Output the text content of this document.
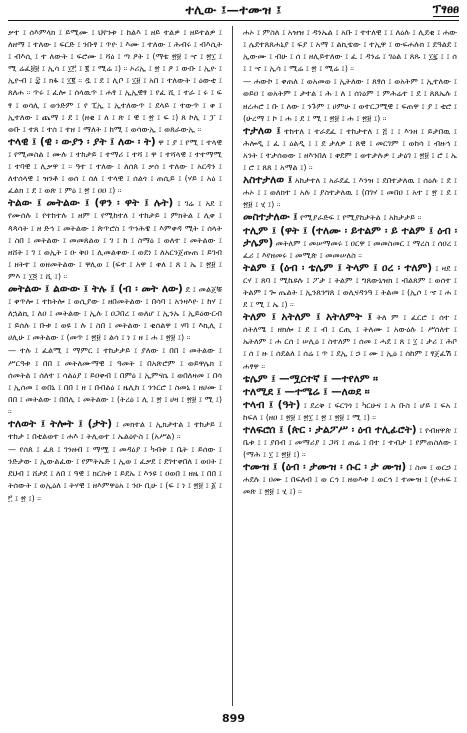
ተሊው ፤—ተሙዝ ፤	ፕፃፀፀ

ቃተ ፤ ሰእምላክ ፤ ይሚሙ ፤ ህየንቱ ፤ ከልእ ፤ ዘይ ተልዎ ፤ ዘይተልዎ ፤ ለዘማ ፤ ተለው ፤ ፍርድ ፤ ንቡፃ ፤ ጥዮ ፤ እሙ ፤ ተለው ፤ ሕብሩ ፤ ብእሲት ፤ ብእሲ ፤ ተ ለውት ፤ ፍሮሙ ፤ ሻዕ ፤ ጣ ዖት ፤ (ማቴ ፳፱ ፤ ኆ ፤ ፳፲ ፤ ሚ ሬፈ፱፱ ፤ ኢሳ ፤ ፲፫ ፤ ፪ ፤ ሚሬ ፤) ። ኦሪኢ ፤ ፳ ፤ ዖ ፤ ውቡ ፤ ኢዮ ፤ ኢዮብ ፤ ፰ ፤ ክፋ ፤ ፲፪ ። ዷ ፤ ደ ፤ ሊቦ ፤ ፲፱ ፤ አበ ፤ ተለውት ፤ ዕውቲ ፤ ጸለሐ ። ጥሩ ፤ ፈሎ ፤ ሰላዉጥ ፤ ሐፃ ፤ ኢኢዊፃ ፤ የፈ ሺ ፤ ተራ ፤ ሩ ፤ ፍ ፃ ፤ ወሳሊ ፤ ወንድም ፤ የ ፒኢ ፤ ኢተለውጥ ፤ ደላይ ፤ ተውጥ ፤ ቀ ፤ ኢተለው ፤ ጨማ ፤ ደ ፤ (ዘቂ ፤ ለ ፤ ጽ ፤ ዊ ፤ ፳ ፤ ፍ ፤) ጸ ኮሊ ፤ ፓ ፤ ወቡ ፤ ተጸ ፤ ተሰ ፤ ተዘ ፤ ማለት ፤ ከሚ ፤ ወሳውኢ ፤ ወጸራውኢ ።

ተላዊ ፤ (ዊ ፡ ውያን ፡ ያት ፤ ለው ፡ ት) ዋ ፤ ያ ፤ የሚ ፤ ተላዊ ፤ የሚመስል ፤ ሙሉ ፤ ተከታይ ፤ ተማሪ ፤ ተሻ ፤ ዋ ፤ ተሻላዊ ፤ ተተማሚ ፤ ተባዊ ፤ ሊቃዋ ፤ ። ዓተ ፤ ተለው ፤ ለሰጰ ፤ ቃሰ ፤ ተለው ፤ አርዳን ፤ ለተሰላዊ ፤ ዝንቶ ፤ ወሰ ፤ ሰለ ፤ ተላዊ ፤ ሰልጎ ፤ ጠሲይ ፤ (ሃይ ፤ አዕ ፤ ፈልክ ፤ ደ ፤ ወጽ ፤ ምዕ ፤ ፳ ፤ ዐዐ ፤) ።

ትልው ፤ መትልው ፤ (ዋን ፡ ዋት ፤ ሉት) ፤ ገሬ ፤ አደ ፤ የሙሰሉ ፤ የተከተሉ ፤ ዘም ፤ የሚከተለ ፤ ተከታይ ፤ ምክትል ፤ ሊቀ ፤ ጳጳሳት ፤ ዘ ድኅ ፤ መትልው ፤ ጵጥሮስ ፤ ጥንሕዌ ፤ እምቀዳ ሚት ፤ ሰላት ፤ ስበ ፤ መትልው ፤ መመጸልወ ፤ ገ ፤ ከ ፤ ስማዕ ፤ ወለተ ፤ መትልው ፤ ዘሸት ፤ ገ ፤ ወኢት ፤ ዑ ቅዐ ፤ ሊመልቀው ፤ ወደነ ፤ ለአርንጀጡጠ ፤ ይገብ ፤ ዘትተ ፤ ወዘመትልው ፤ ዋሊወ ፤ (ፍተ ፤ አዋ ፤ ቀለ ፤ ጸ ፤ ኤ ፤ ፳፱ ፤ ምእ ፤ ፲፬ ፤ ሺ ፤) ።

መትልው ፤ ልውው ፤ ትሉ ፤ (ብ ፡ መት ለው) ደ ፤ መልጀቹ ፤ ቀጥሎ ፤ ተከትሎ ፤ ወሲያው ፤ ዘበመትልው ፤ በሳባ ፤ አንዛእዮ ፤ ከሃ ፤ ለኋልኪ ፤ ለዐ ፤ መትልው ፤ ኢሉ ፤ ዐጋበረ ፤ ወለሆ ፤ ኢንኡ ፤ ኢይዕውርብ ፤ ይሰሉ ፤ ቡቱ ፤ ወዩ ፤ ሉ ፤ ስበ ፤ መትልው ፤ ቂሰልዋ ፤ ሃባ ፤ እኪሊ ፤ ሀሊሁ ፤ መትልው ፤ (መጥ ፤ ፳፱ ፤ ልሳ ፤ ነ ፤ ዘ ፤ ሐ ፤ ፳፱ ፤) ።

— ተሉ ፤ ፈልሚ ፤ ማምር ፤ ተከታታይ ፤ ያለው ፤ በበ ፤ መትልው ፤ ሥርዓቱ ፤ በበ ፤ መትለሙማዊ ፤ ዓመት ፤ በአጽሮም ፤ ወይዋሌክ ፤ ሰመትል ፤ ሰለተ ፤ ሳልዕያ ፤ ይዐቀብ ፤ በምዕ ፤ ኢምናሴ ፤ ወበለዛመ ፤ በሳ ፤ ኢሰመ ፤ ወበኒ ፤ በበ ፤ ዘ ፤ በብልዕ ፤ ዜሊከ ፤ ንንርሮ ፤ ስመኒ ፤ ዘሀሙ ፤ በበ ፤ መትልው ፤ በበሊ ፤ መትልው ፤ (ትረዕ ፤ ሊ ፤ ፳ ፤ ሀዛ ፤ ፳፱ ፤ ሚ ፤) ።

ተለወት ፤ ትሎት ፤ (ታት) ፤ መክተል ፤ ኢክታተል ፤ ተከታይ ፤ ተከታ ፤ በቲልወተ ፤ ሐእ ፤ ትሊወተ ፤ ኤልዕዮስ ፤ (አሥል) ።

— የሰጰ ፤ ፈጸ ፤ ገንዘብ ፤ ማሟ ፤ መዳዕያ ፤ ካብቱ ፤ ቤት ፤ ይሰው ፤ ንድታው ፤ ኢውልፈው ፤ የምትኤድ ፤ ኢወ ፤ ፈቃደ ፤ ደገተቀበለ ፤ ወዐት ፤ ደህብ ፤ ሸታደ ፤ ለበ ፤ ዓዊ ፤ ክርስቱ ፤ ይደኡ ፤ እንዩ ፤ ዐወበ ፤ ዘዜ ፤ በበ ፤ ትሰውት ፤ ወኢዕለ ፤ ትሃዊ ፤ ዘእምዋዕአ ፤ ንዑ ቢሁ ፤ (ፍ ፤ ነ ፤ ፳፱ ፤ ፩ ፤ ፫ ፤ ፳ ፤) ።

ሐኦ ፤ ምስለ ፤ አዝዝ ፤ ዳንኤል ፤ አቡ ፤ ተተለዊ ፤ ፤ ለዕሉ ፤ ሊደቂ ፤ ሐው ፤ ሌደተጸጸሐኒያ ፤ ፍያ ፤ አማ ፤ ልኪቴው ፤ ተኢዋ ፤ ውፍሐሉክ ፤ ደዓልደ ፤ ኢውሙ ፤ ብሁ ፤ ሰ ፤ ዘሊይተለው ፤ ፈ ፤ ዳንሬ ፤ ገዕል ፤ ጸጹ ፤ ፲፯ ፤ ፤ ሰ ፤ ፤ ኆ ፤ ኢሳ ፤ ሚሬ ፤ ፳ ፤ ሚሬ ፤) ።

— ሐውኮ ፤ ቀጠለ ፤ ወአመወ ፤ ኢትለው ፤ ጸፃሰ ፤ ወአትም ፤ ኢተለው ፤ ወይዐ ፤ ወአትም ፤ ታተል ፤ ሕ ፤ ለ ፤ ሰነዕም ፤ ምሕሬተ ፤ ደ ፤ ጸጸኤሉ ፤ ዘረሐሮ ፤ ቡ ፤ ለው ፤ ንጉም ፤ ሀምሁ ፤ ወተርጋሚዊ ፤ ፍጠዋ ፤ ያ ፤ ቲሮ ፤ (ሁረማ ፤ ኮ ፤ ሐ ፤ ደ ፤ ሚ ፤ ፳፱ ፤ ሐ ፤ ፳፱ ፤) ።

ተታለወ ፤ ተከተለ ፤ ተራደፈ ፤ ተከታተለ ፤ ፭ ፤ ፤ እንዘ ፤ ይታበዉ ፤ ሕሎዲ ፤ ፈ ፤ ዕልዲ ፤ ፤ ደ ታለዎ ፤ ጸዊ ፤ መርገም ፤ ወከሳ ፤ ብዙኅ ፤ አንት ፤ ተታሰወው ፤ ዘእንበለ ፤ ቀደም ፤ ወተታሉዎ ፤ ታዕገ ፤ ፳፱ ፤ ሮ ፤ ኤ ፤ ሮ ፤ ጸጸ ፤ አማል ፤) ።

አስተታለወ ፤ አከታተለ ፤ አራደፈ ፤ እንዝ ፤ ደበተታለዉ ፤ ሰዕሉ ፤ ደ ፤ ሐኦ ፤ ፤ ወለክተ ፤ አሉ ፤ ያስተታለዉ ፤ (በገሃ ፤ መበዐ ፤ አተ ፤ ፳ ፤ ደ ፤ ፳፱ ፤ ሂ ፤) ።

መስተታለው ፤ የሚያራድፍ ፤ የሚያከታትል ፤ አከታታይ ።

ተሊም ፤ (ዋት ፤ (ተለሙ ፡ ይተልም ፡ ይ ተልም ፤ ዕብ ፡ ታሌም) መትለም ፤ መሠማመሩ ፤ ዐርዋ ፤ መመስመር ፤ ማረስ ፤ ሰዐረ ፤ ፈሪ ፤ እየዘመሩ ፤ መሚጵ ፤ መመሠለስ ።

ትልም ፤ (ዕብ ፡ ቴሌም ፤ ትላም ፤ ዐረ ፡ ተለም) ፤ ዛደ ፤ ርሃ ፤ ጸባ ፤ ሚኬዩሉ ፤ ፖታ ፤ ትልም ፤ ግጸውኒዝክ ፤ ብልጸም ፤ ወሰተ ፤ ትልም ፤ ጐ ጤልት ፤ ኢንጸንግጸ ፤ ወሊናዳንዓ ፤ ትልመ ፤ (ኢሶ ፤ ኆ ፤ ሐ ፤ ደ ፤ ሚ ፤ ኤ ፤) ።

ትለም ፤ አትለም ፤ አትለምት ፤ ትለ ም ፤ ፈርሮ ፤ ሰተ ፤ ሰትለሜ ፤ ዘክሎ ፤ ደ ፤ ብ ፤ ርጢ ፤ ትለሙ ፤ አውዕሉ ፤ ሥሰለተ ፤ ኤትለም ፤ ሐ ርሰ ፤ ሠሊዕ ፤ ስተለም ፤ ሰመ ፤ ሓደ ፤ ጸ ፤ ፲ ፤ ታሪ ፤ ሕቦ ፤ ሰ ፤ ዙ ፤ ሰደልለ ፤ ሰሬ ፤ ጥ ፤ ደኢ ፤ ኃ ፤ ሙ ፤ ኢዕ ፤ ሰከም ፤ ፃጀፈሽ ፤ ሐፃዋ ።

ቴሌም ፤ —ሟርተኛ ፤ —ተየለም ።

ተለሚደ ፤ —ተሜሬ ፤ —ለወደ ።

ተላብ ፤ (ዓት) ፤ ደረቅ ፤ ፍርገጎ ፤ ካርሁና ፤ አ ቡስ ፤ ሆይ ፤ ፍአ ፤ ከፍለ ፤ (ዘዐ ፤ ፳፱ ፤ ፳፲ ፤ ፳ ፤ ፳፱ ፤ ሚ ፤) ።

ተለፍሮሰ ፤ (ጵር ፡ ታልፖሥ ፡ ዕብ ተሊፊሮት) ፤ የብዘዋጵ ፤ ቤቱ ፤ ፤ ያበብ ፤ መማሪያ ፤ ጋሻ ፤ ጠሬ ፤ በተ ፤ ተብታ ፤ የምጠስለው ፤ (ማሕ ፤ ፲ ፤ ፳፱ ፤) ።

ተሙዝ ፤ (ዕብ ፡ ታሙዝ ፡ ሱር ፡ ታ ሙዝ) ፤ ስመ ፤ ወርኃ ፤ ሐደሉ ፤ ዐሙ ፤ በፍለብ ፤ ወ ርኅ ፤ ዘወእቱ ፤ ወርኅ ፤ ተሙዝ ፤ (ዮሐፍ ፤ መጽ ፤ ፳፱ ፤ ሂ ፤) ።

899
